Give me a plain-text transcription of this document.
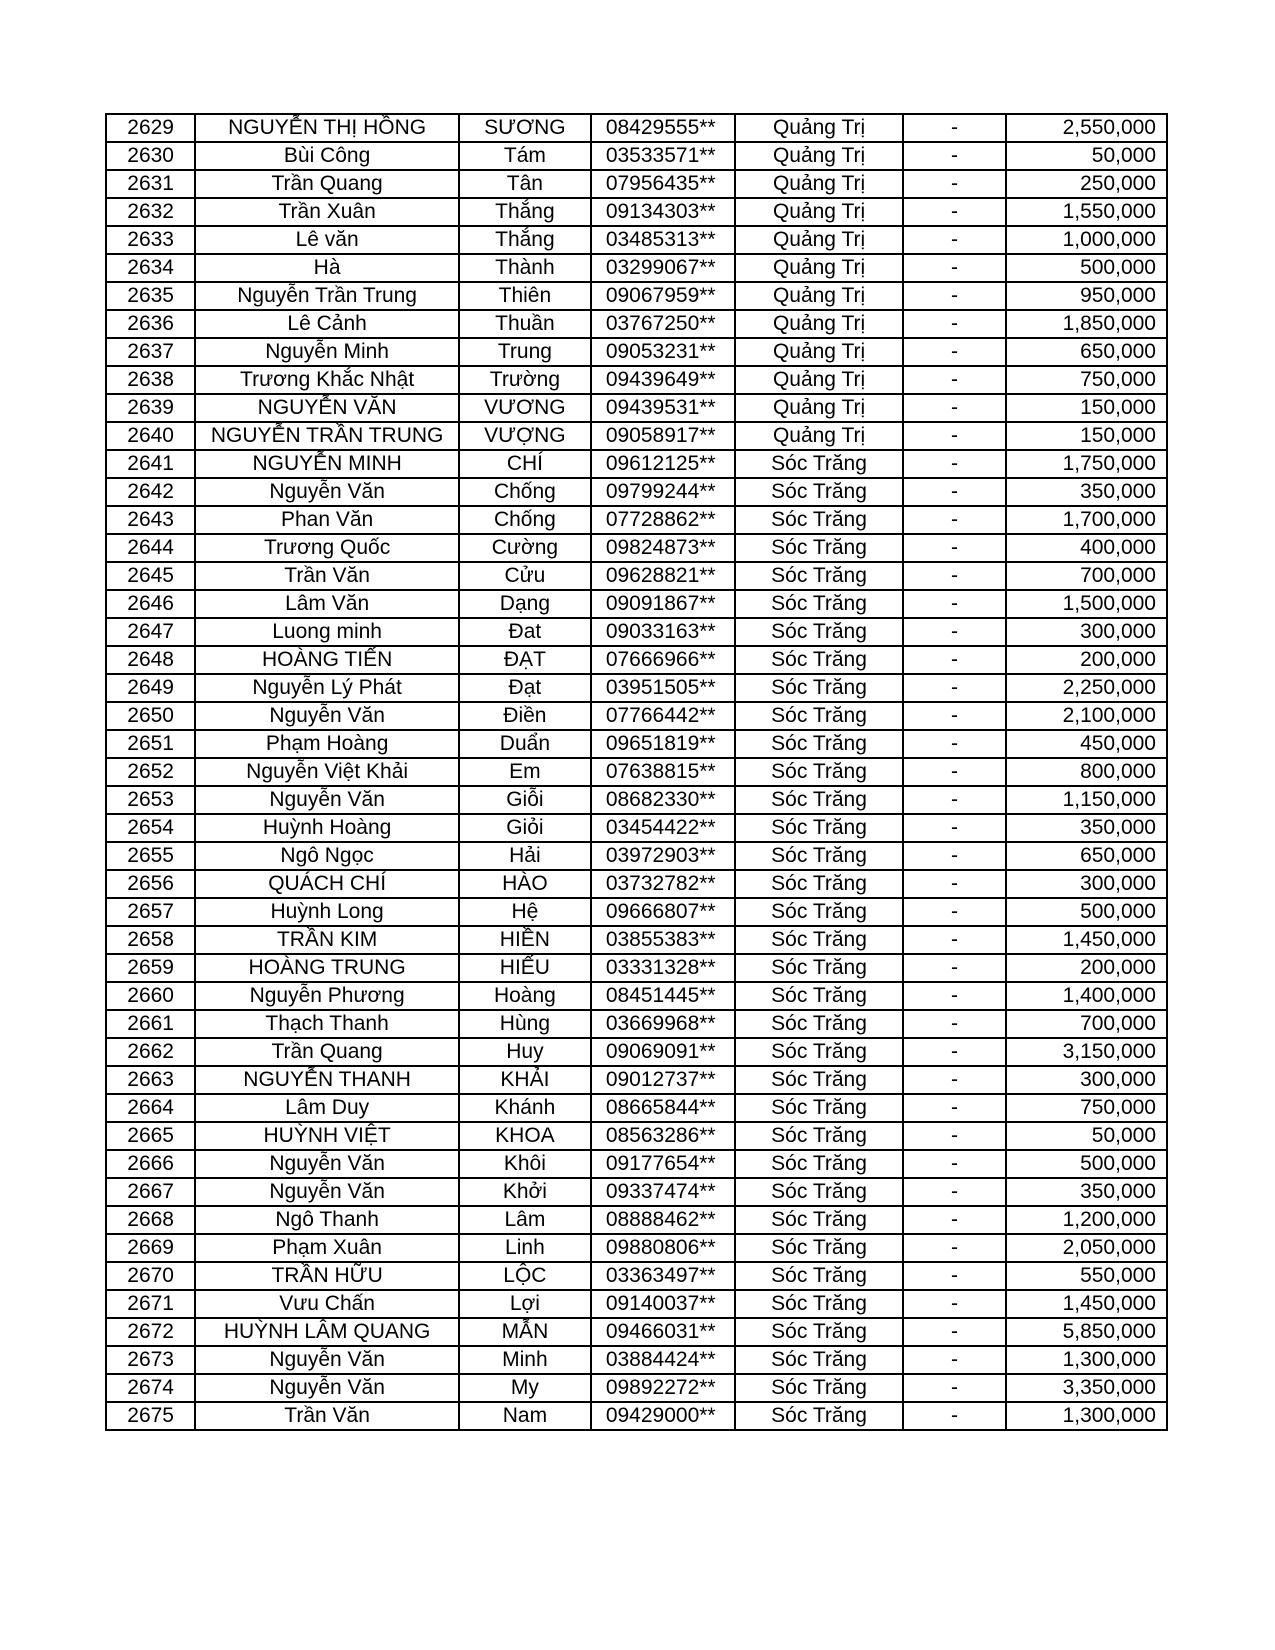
2629	NGUYỄN THỊ HỒNG	SƯƠNG	08429555**	Quảng Trị	-	2,550,000
2630	Bùi Công	Tám	03533571**	Quảng Trị	-	50,000
2631	Trần Quang	Tân	07956435**	Quảng Trị	-	250,000
2632	Trần Xuân	Thắng	09134303**	Quảng Trị	-	1,550,000
2633	Lê văn	Thắng	03485313**	Quảng Trị	-	1,000,000
2634	Hà	Thành	03299067**	Quảng Trị	-	500,000
2635	Nguyễn Trần Trung	Thiên	09067959**	Quảng Trị	-	950,000
2636	Lê Cảnh	Thuần	03767250**	Quảng Trị	-	1,850,000
2637	Nguyễn Minh	Trung	09053231**	Quảng Trị	-	650,000
2638	Trương Khắc Nhật	Trường	09439649**	Quảng Trị	-	750,000
2639	NGUYỄN VĂN	VƯƠNG	09439531**	Quảng Trị	-	150,000
2640	NGUYỄN TRẦN TRUNG	VƯỢNG	09058917**	Quảng Trị	-	150,000
2641	NGUYỄN MINH	CHÍ	09612125**	Sóc Trăng	-	1,750,000
2642	Nguyễn Văn	Chống	09799244**	Sóc Trăng	-	350,000
2643	Phan Văn	Chống	07728862**	Sóc Trăng	-	1,700,000
2644	Trương Quốc	Cường	09824873**	Sóc Trăng	-	400,000
2645	Trần Văn	Cửu	09628821**	Sóc Trăng	-	700,000
2646	Lâm Văn	Dạng	09091867**	Sóc Trăng	-	1,500,000
2647	Luong minh	Đat	09033163**	Sóc Trăng	-	300,000
2648	HOÀNG TIẾN	ĐẠT	07666966**	Sóc Trăng	-	200,000
2649	Nguyễn Lý Phát	Đạt	03951505**	Sóc Trăng	-	2,250,000
2650	Nguyễn Văn	Điền	07766442**	Sóc Trăng	-	2,100,000
2651	Phạm Hoàng	Duẩn	09651819**	Sóc Trăng	-	450,000
2652	Nguyễn Việt Khải	Em	07638815**	Sóc Trăng	-	800,000
2653	Nguyễn Văn	Giỗi	08682330**	Sóc Trăng	-	1,150,000
2654	Huỳnh Hoàng	Giỏi	03454422**	Sóc Trăng	-	350,000
2655	Ngô Ngọc	Hải	03972903**	Sóc Trăng	-	650,000
2656	QUÁCH CHÍ	HÀO	03732782**	Sóc Trăng	-	300,000
2657	Huỳnh Long	Hệ	09666807**	Sóc Trăng	-	500,000
2658	TRẦN KIM	HIỀN	03855383**	Sóc Trăng	-	1,450,000
2659	HOÀNG TRUNG	HIẾU	03331328**	Sóc Trăng	-	200,000
2660	Nguyễn Phương	Hoàng	08451445**	Sóc Trăng	-	1,400,000
2661	Thạch Thanh	Hùng	03669968**	Sóc Trăng	-	700,000
2662	Trần Quang	Huy	09069091**	Sóc Trăng	-	3,150,000
2663	NGUYỄN THANH	KHẢI	09012737**	Sóc Trăng	-	300,000
2664	Lâm Duy	Khánh	08665844**	Sóc Trăng	-	750,000
2665	HUỲNH VIỆT	KHOA	08563286**	Sóc Trăng	-	50,000
2666	Nguyễn Văn	Khôi	09177654**	Sóc Trăng	-	500,000
2667	Nguyễn Văn	Khởi	09337474**	Sóc Trăng	-	350,000
2668	Ngô Thanh	Lâm	08888462**	Sóc Trăng	-	1,200,000
2669	Phạm Xuân	Linh	09880806**	Sóc Trăng	-	2,050,000
2670	TRẦN HỮU	LỘC	03363497**	Sóc Trăng	-	550,000
2671	Vưu Chấn	Lợi	09140037**	Sóc Trăng	-	1,450,000
2672	HUỲNH LÂM QUANG	MẪN	09466031**	Sóc Trăng	-	5,850,000
2673	Nguyễn Văn	Minh	03884424**	Sóc Trăng	-	1,300,000
2674	Nguyễn Văn	My	09892272**	Sóc Trăng	-	3,350,000
2675	Trần Văn	Nam	09429000**	Sóc Trăng	-	1,300,000
